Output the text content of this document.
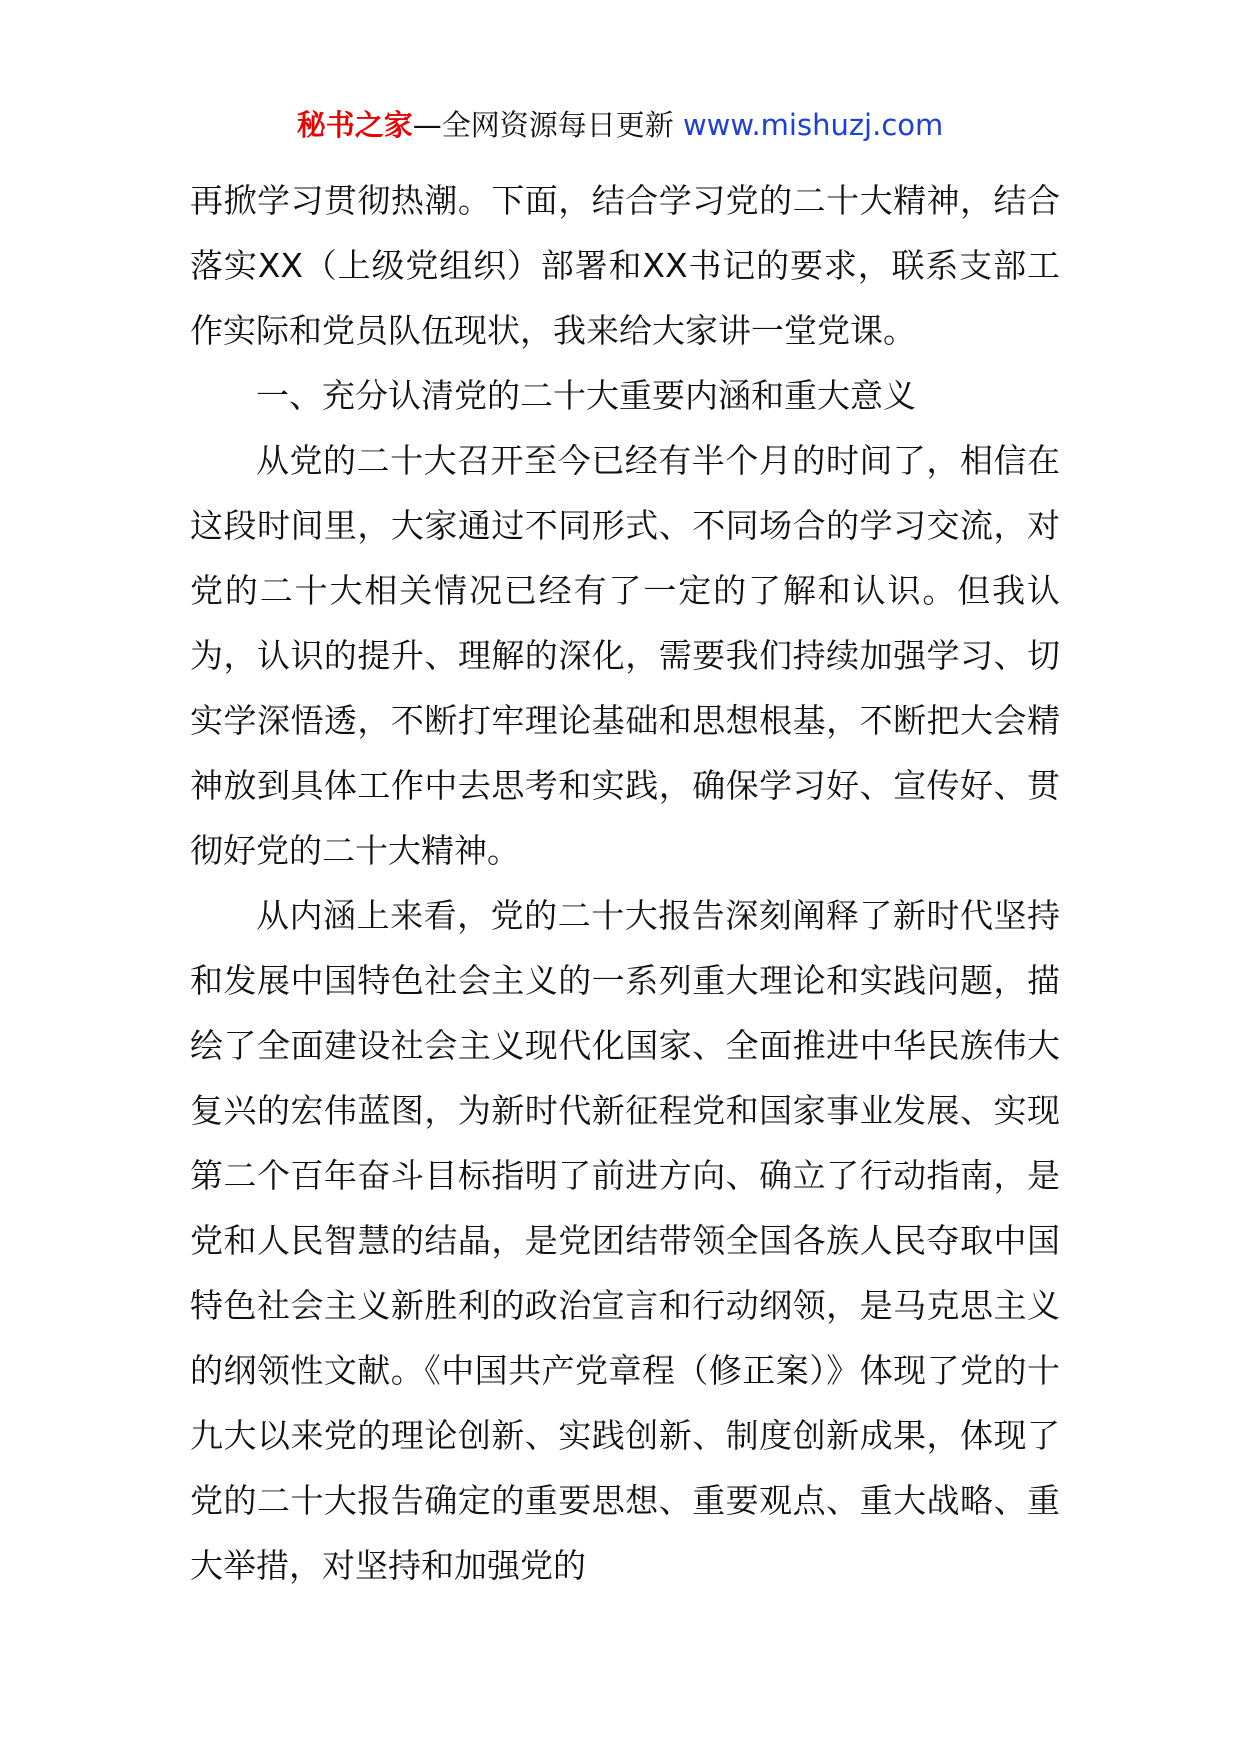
秘书之家—全网资源每日更新 www.mishuzj.com

再掀学习贯彻热潮。下面，结合学习党的二十大精神，结合落实XX（上级党组织）部署和XX书记的要求，联系支部工作实际和党员队伍现状，我来给大家讲一堂党课。

一、充分认清党的二十大重要内涵和重大意义

从党的二十大召开至今已经有半个月的时间了，相信在这段时间里，大家通过不同形式、不同场合的学习交流，对党的二十大相关情况已经有了一定的了解和认识。但我认为，认识的提升、理解的深化，需要我们持续加强学习、切实学深悟透，不断打牢理论基础和思想根基，不断把大会精神放到具体工作中去思考和实践，确保学习好、宣传好、贯彻好党的二十大精神。

从内涵上来看，党的二十大报告深刻阐释了新时代坚持和发展中国特色社会主义的一系列重大理论和实践问题，描绘了全面建设社会主义现代化国家、全面推进中华民族伟大复兴的宏伟蓝图，为新时代新征程党和国家事业发展、实现第二个百年奋斗目标指明了前进方向、确立了行动指南，是党和人民智慧的结晶，是党团结带领全国各族人民夺取中国特色社会主义新胜利的政治宣言和行动纲领，是马克思主义的纲领性文献。《中国共产党章程（修正案）》体现了党的十九大以来党的理论创新、实践创新、制度创新成果，体现了党的二十大报告确定的重要思想、重要观点、重大战略、重大举措，对坚持和加强党的
